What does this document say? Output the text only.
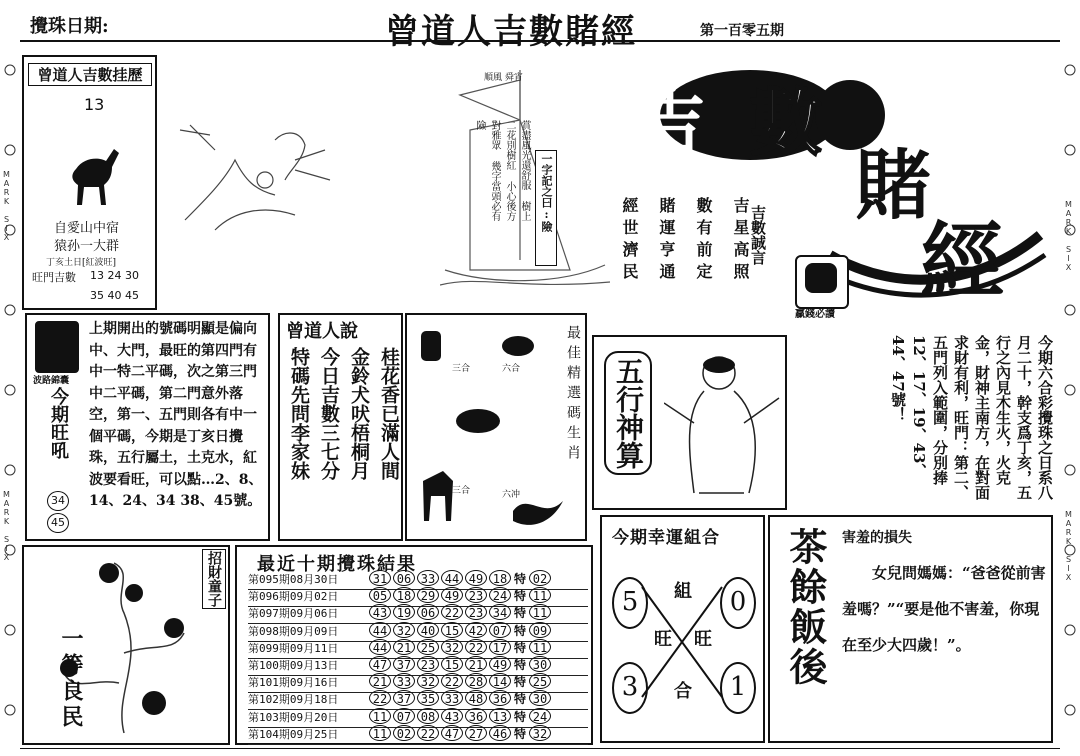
MARK SIX
MARK SIX
MARK SIX
MARK SIX
攪珠日期:	曾道人吉數賭經	第一百零五期
曾道人吉數挂歷
13
自愛山中宿
猿孙一大群
丁亥土日[紅波旺]
旺門吉數 13 24 30
35 40 45
順風 舜宵
賞盡風光還舒服 樹上二花別樹紅 小心後方對雅眾 幾字當頭必有險
一字記之曰:險
吉 數
賭
經
吉星高照
數有前定
賭運亨通
經世濟民	吉數誠言
贏錢必讀
波路錦囊
今期旺吼
34
45
上期開出的號碼明顯是偏向中、大門，最旺的第四門有中一特二平碼，次之第三門中二平碼，第二門意外落空，第一、五門則各有中一個平碼，今期是丁亥日攪珠，五行屬土，土克水，紅波要看旺，可以點…2、8、14、24、34 38、45號。
曾道人說
桂花香已滿人間
金鈴犬吠梧桐月
今日吉數三七分
特碼先問李家妹	三合	六合
三合	六冲
最佳精選碼生肖 五行神算	今期六合彩攪珠之日系八月二十，幹支爲丁亥，五行之內見木生火，火克金，財神主南方，在對面求財有利，旺門：第二、五門列入範圍，分別捧12、17、19、43、44、47號！
最近十期攪珠結果
第095期08月30日	31 06 33 44 49 18 特 02
第096期09月02日	05 18 29 49 23 24 特 11
第097期09月06日	43 19 06 22 23 34 特 11
第098期09月09日	44 32 40 15 42 07 特 09
第099期09月11日	44 21 25 32 22 17 特 11
第100期09月13日	47 37 23 15 21 49 特 30
第101期09月16日	21 33 32 22 28 14 特 25
第102期09月18日	22 37 35 33 48 36 特 30
第103期09月20日	11 07 08 43 36 13 特 24
第104期09月25日	11 02 22 47 27 46 特 32
招財童子
一等良民
今期幸運組合
5	0
3	1
組
旺 旺
合
茶餘飯後	害羞的損失
女兒問媽媽：“爸爸從前害羞嗎？”“要是他不害羞，你現在至少大四歲！”。
